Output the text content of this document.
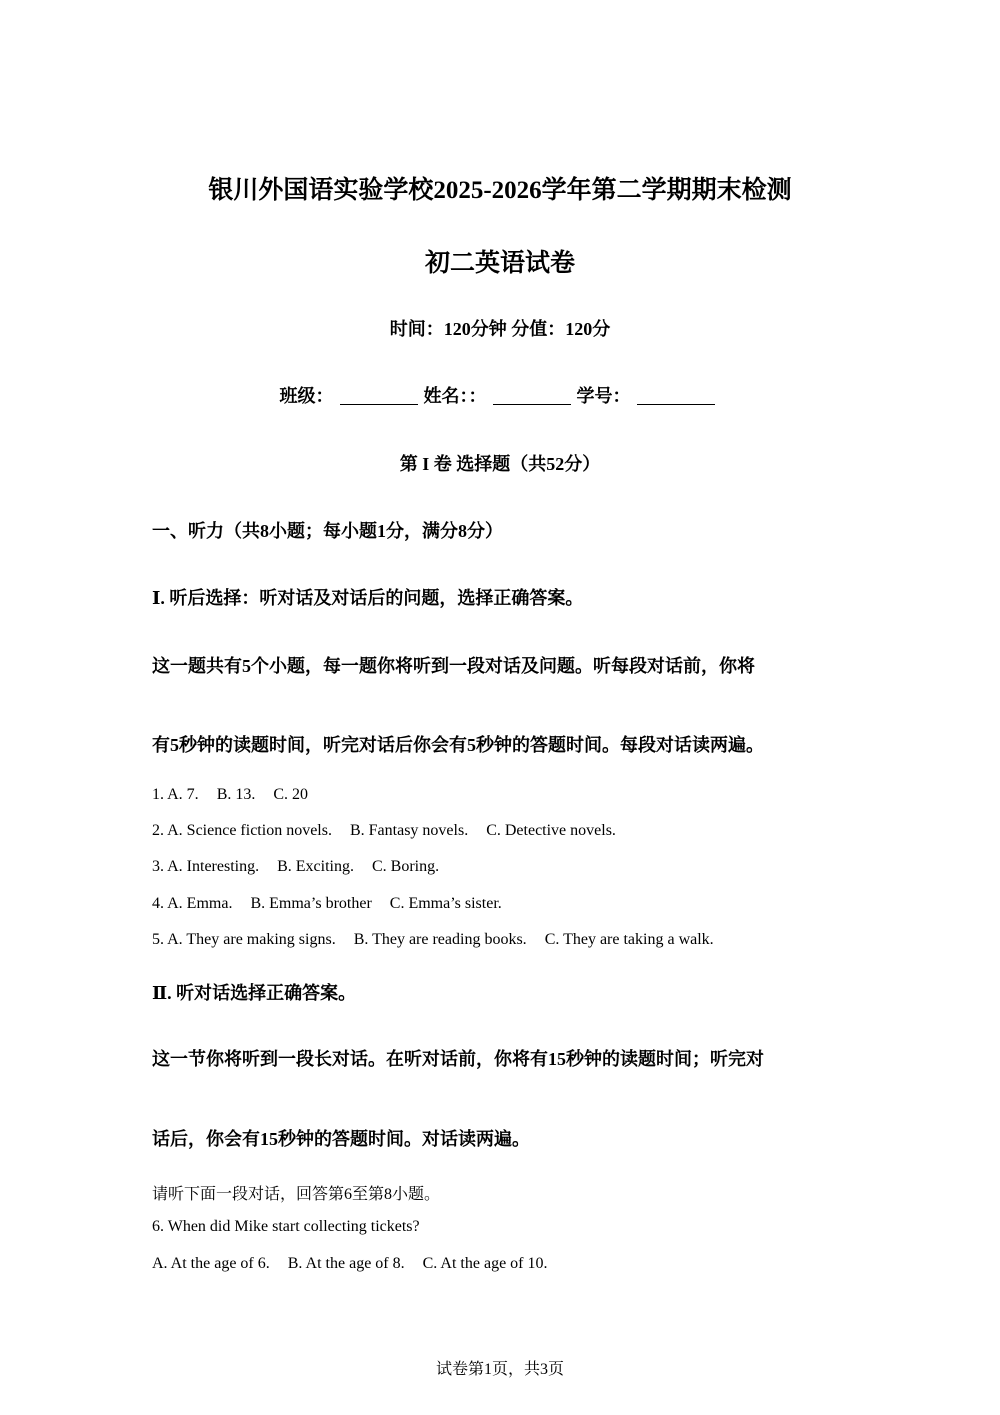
银川外国语实验学校2025-2026学年第二学期期末检测
初二英语试卷
时间：120分钟 分值：120分
班级：	姓名：：	学号：
第 I 卷 选择题（共52分）
一、听力（共8小题；每小题1分，满分8分）
Ⅰ. 听后选择：听对话及对话后的问题，选择正确答案。
这一题共有5个小题，每一题你将听到一段对话及问题。听每段对话前，你将
有5秒钟的读题时间，听完对话后你会有5秒钟的答题时间。每段对话读两遍。
1. A. 7. B. 13. C. 20
2. A. Science fiction novels. B. Fantasy novels. C. Detective novels.
3. A. Interesting. B. Exciting. C. Boring.
4. A. Emma. B. Emma’s brother C. Emma’s sister.
5. A. They are making signs. B. They are reading books. C. They are taking a walk.
Ⅱ. 听对话选择正确答案。
这一节你将听到一段长对话。在听对话前，你将有15秒钟的读题时间；听完对
话后，你会有15秒钟的答题时间。对话读两遍。
请听下面一段对话，回答第6至第8小题。
6. When did Mike start collecting tickets?
A. At the age of 6. B. At the age of 8. C. At the age of 10.
试卷第1页，共3页
